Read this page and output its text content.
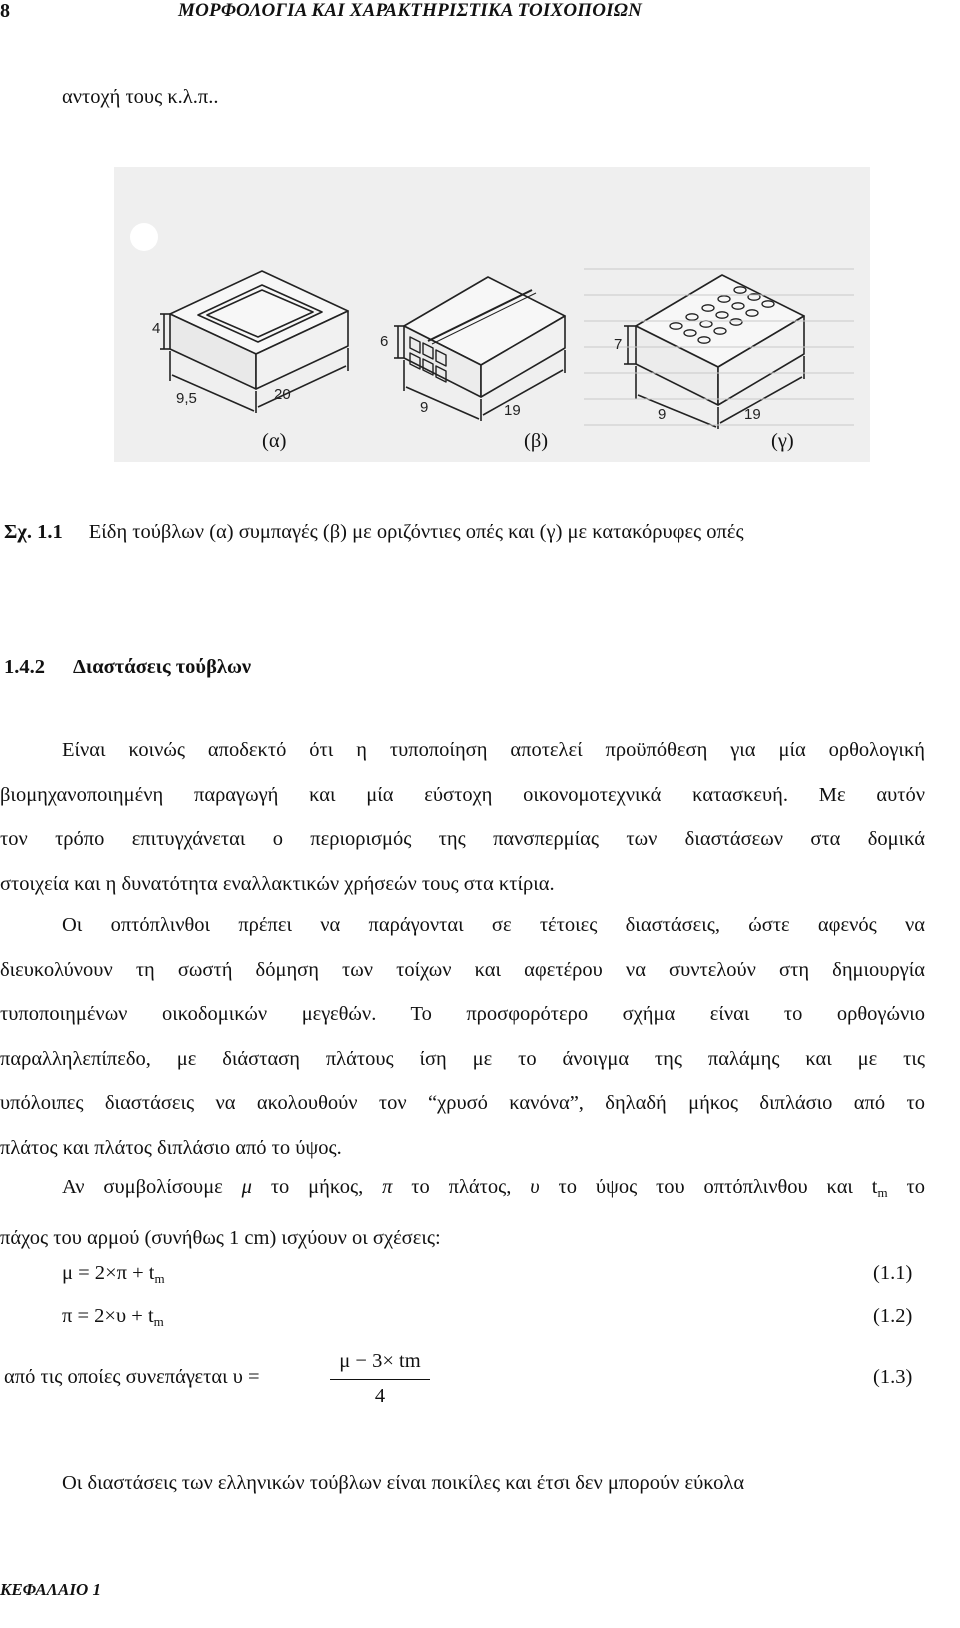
8	ΜΟΡΦΟΛΟΓΙΑ ΚΑΙ ΧΑΡΑΚΤΗΡΙΣΤΙΚΑ ΤΟΙΧΟΠΟΙΩΝ
αντοχή τους κ.λ.π..
4
9,5	20
6
9	19
7
9	19
(α)	(β)	(γ)
Σχ. 1.1 Είδη τούβλων (α) συμπαγές (β) με οριζόντιες οπές και (γ) με κατακόρυφες οπές
1.4.2 Διαστάσεις τούβλων
Είναι κοινώς αποδεκτό ότι η τυποποίηση αποτελεί προϋπόθεση για μία ορθολογική
βιομηχανοποιημένη παραγωγή και μία εύστοχη οικονομοτεχνικά κατασκευή. Με αυτόν
τον τρόπο επιτυγχάνεται ο περιορισμός της πανσπερμίας των διαστάσεων στα δομικά
στοιχεία και η δυνατότητα εναλλακτικών χρήσεών τους στα κτίρια.
Οι οπτόπλινθοι πρέπει να παράγονται σε τέτοιες διαστάσεις, ώστε αφενός να
διευκολύνουν τη σωστή δόμηση των τοίχων και αφετέρου να συντελούν στη δημιουργία
τυποποιημένων οικοδομικών μεγεθών. Το προσφορότερο σχήμα είναι το ορθογώνιο
παραλληλεπίπεδο, με διάσταση πλάτους ίση με το άνοιγμα της παλάμης και με τις
υπόλοιπες διαστάσεις να ακολουθούν τον “χρυσό κανόνα”, δηλαδή μήκος διπλάσιο από το
πλάτος και πλάτος διπλάσιο από το ύψος.
Αν συμβολίσουμε μ το μήκος, π το πλάτος, υ το ύψος του οπτόπλινθου και $t_m$ το
πάχος του αρμού (συνήθως 1 cm) ισχύουν οι σχέσεις:
$\mu = 2\times\pi + t_m$	(1.1)
$\pi = 2\times\upsilon + t_m$	(1.2)
από τις οποίες συνεπάγεται υ =	$\frac{\mu - 3\times tm}{4}$	(1.3)
Οι διαστάσεις των ελληνικών τούβλων είναι ποικίλες και έτσι δεν μπορούν εύκολα
ΚΕΦΑΛΑΙΟ 1
